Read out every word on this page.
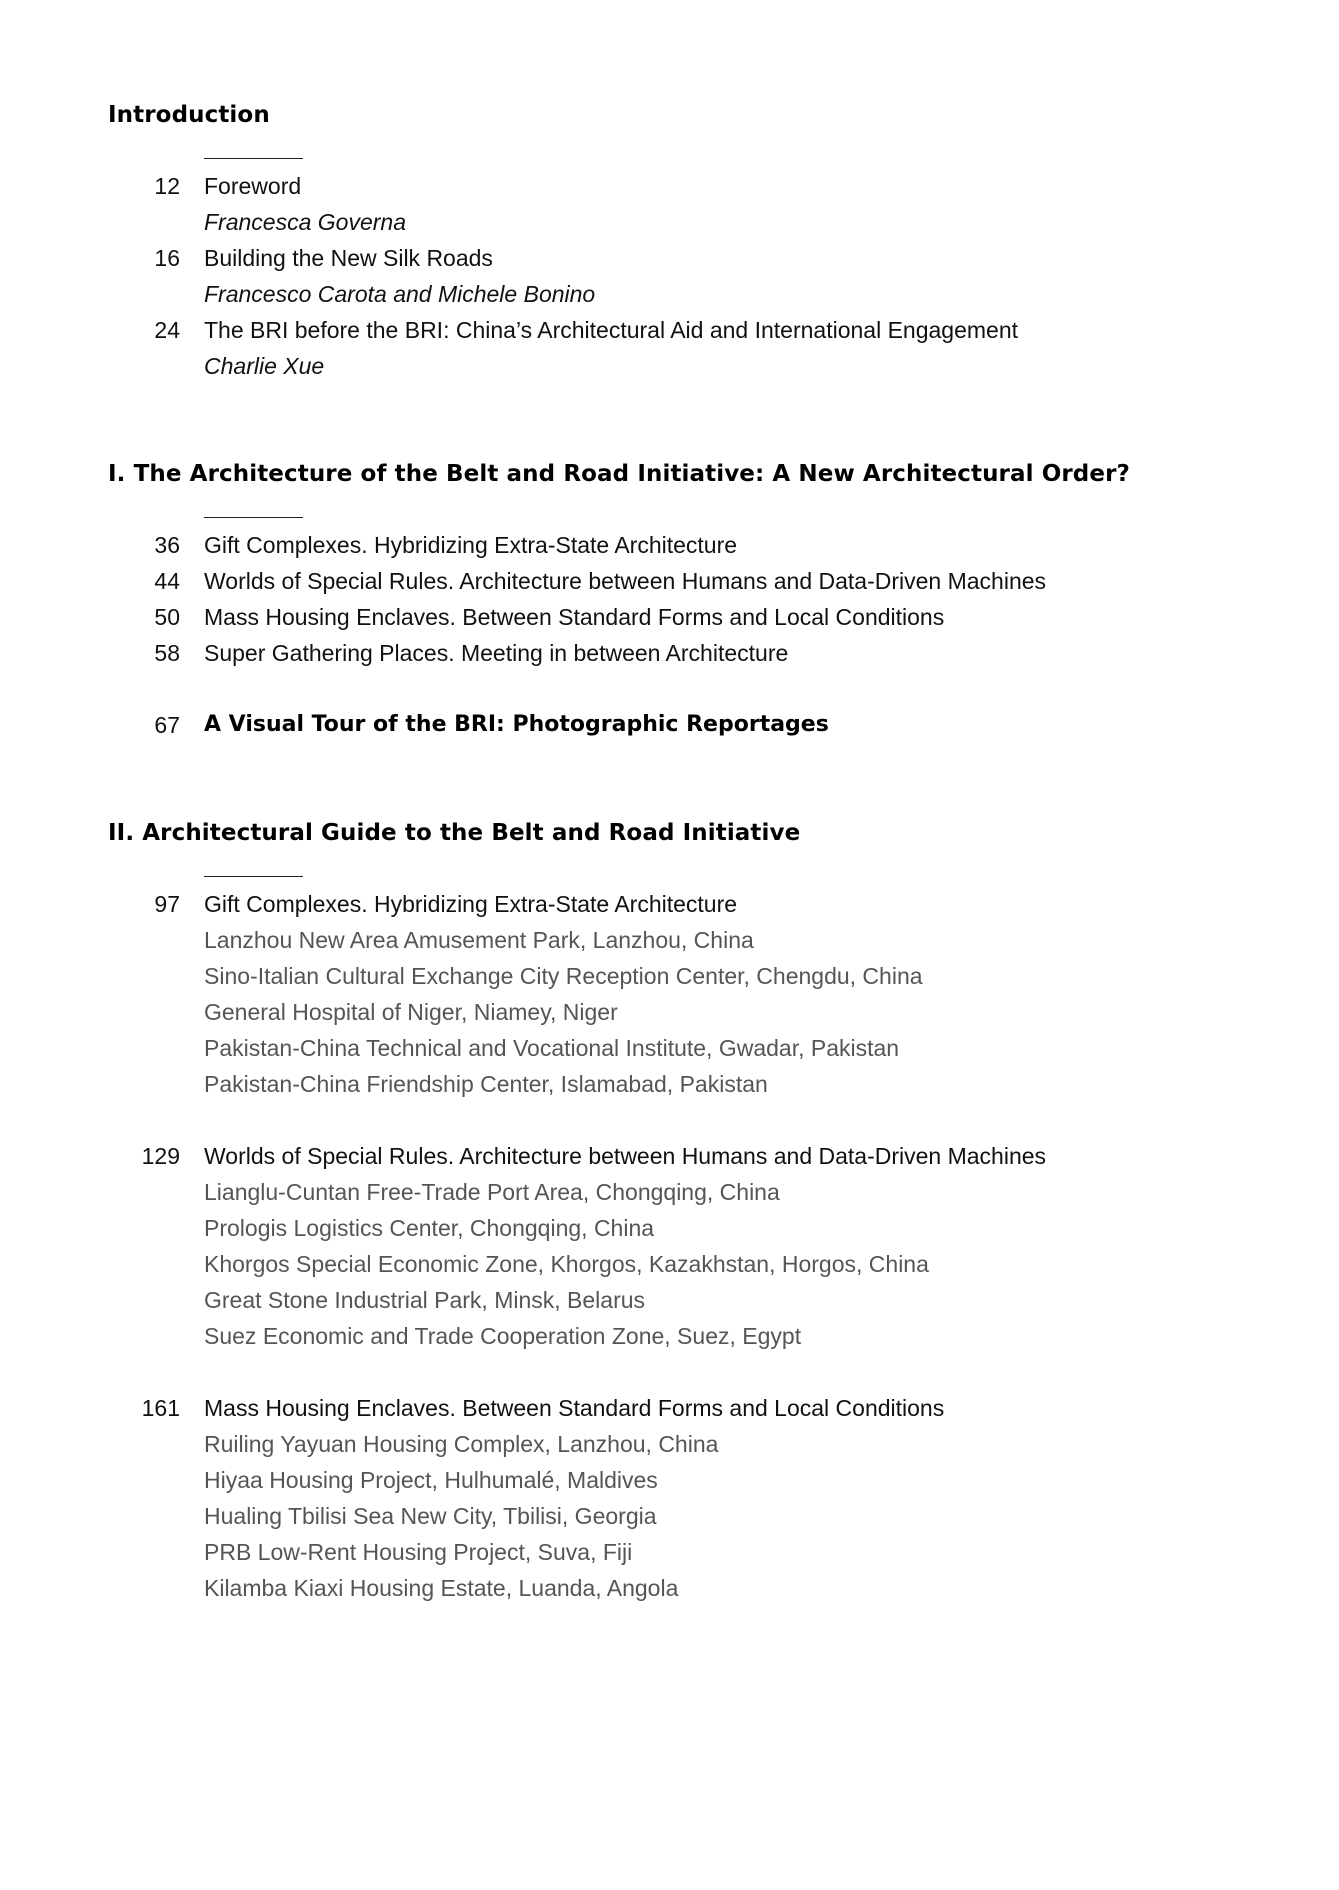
Introduction
12 Foreword
Francesca Governa
16 Building the New Silk Roads
Francesco Carota and Michele Bonino
24 The BRI before the BRI: China’s Architectural Aid and International Engagement
Charlie Xue
I. The Architecture of the Belt and Road Initiative: A New Architectural Order?
36 Gift Complexes. Hybridizing Extra-State Architecture
44 Worlds of Special Rules. Architecture between Humans and Data-Driven Machines
50 Mass Housing Enclaves. Between Standard Forms and Local Conditions
58 Super Gathering Places. Meeting in between Architecture
67 A Visual Tour of the BRI: Photographic Reportages
II. Architectural Guide to the Belt and Road Initiative
97 Gift Complexes. Hybridizing Extra-State Architecture
Lanzhou New Area Amusement Park, Lanzhou, China
Sino-Italian Cultural Exchange City Reception Center, Chengdu, China
General Hospital of Niger, Niamey, Niger
Pakistan-China Technical and Vocational Institute, Gwadar, Pakistan
Pakistan-China Friendship Center, Islamabad, Pakistan
129 Worlds of Special Rules. Architecture between Humans and Data-Driven Machines
Lianglu-Cuntan Free-Trade Port Area, Chongqing, China
Prologis Logistics Center, Chongqing, China
Khorgos Special Economic Zone, Khorgos, Kazakhstan, Horgos, China
Great Stone Industrial Park, Minsk, Belarus
Suez Economic and Trade Cooperation Zone, Suez, Egypt
161 Mass Housing Enclaves. Between Standard Forms and Local Conditions
Ruiling Yayuan Housing Complex, Lanzhou, China
Hiyaa Housing Project, Hulhumalé, Maldives
Hualing Tbilisi Sea New City, Tbilisi, Georgia
PRB Low-Rent Housing Project, Suva, Fiji
Kilamba Kiaxi Housing Estate, Luanda, Angola
